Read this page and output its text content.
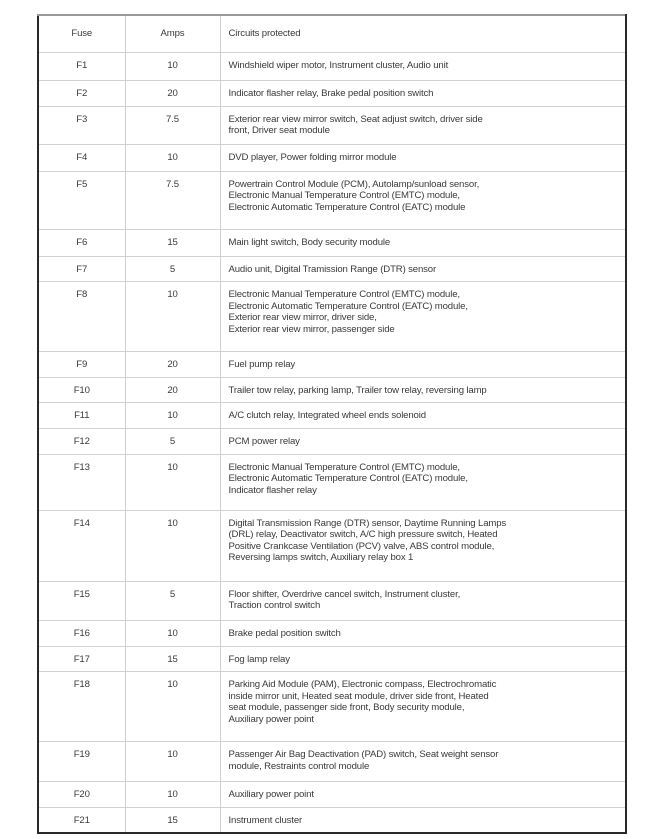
Fuse	Amps	Circuits protected
F1	10	Windshield wiper motor, Instrument cluster, Audio unit

F2	20	Indicator flasher relay, Brake pedal position switch

F3	7.5	Exterior rear view mirror switch, Seat adjust switch, driver side
front, Driver seat module

F4	10	DVD player, Power folding mirror module

F5	7.5	Powertrain Control Module (PCM), Autolamp/sunload sensor,
Electronic Manual Temperature Control (EMTC) module,
Electronic Automatic Temperature Control (EATC) module

F6	15	Main light switch, Body security module

F7	5	Audio unit, Digital Tramission Range (DTR) sensor

F8	10	Electronic Manual Temperature Control (EMTC) module,
Electronic Automatic Temperature Control (EATC) module,
Exterior rear view mirror, driver side,
Exterior rear view mirror, passenger side

F9	20	Fuel pump relay

F10	20	Trailer tow relay, parking lamp, Trailer tow relay, reversing lamp

F11	10	A/C clutch relay, Integrated wheel ends solenoid

F12	5	PCM power relay

F13	10	Electronic Manual Temperature Control (EMTC) module,
Electronic Automatic Temperature Control (EATC) module,
Indicator flasher relay

F14	10	Digital Transmission Range (DTR) sensor, Daytime Running Lamps
(DRL) relay, Deactivator switch, A/C high pressure switch, Heated
Positive Crankcase Ventilation (PCV) valve, ABS control module,
Reversing lamps switch, Auxiliary relay box 1

F15	5	Floor shifter, Overdrive cancel switch, Instrument cluster,
Traction control switch

F16	10	Brake pedal position switch

F17	15	Fog lamp relay

F18	10	Parking Aid Module (PAM), Electronic compass, Electrochromatic
inside mirror unit, Heated seat module, driver side front, Heated
seat module, passenger side front, Body security module,
Auxiliary power point

F19	10	Passenger Air Bag Deactivation (PAD) switch, Seat weight sensor
module, Restraints control module

F20	10	Auxiliary power point

F21	15	Instrument cluster
